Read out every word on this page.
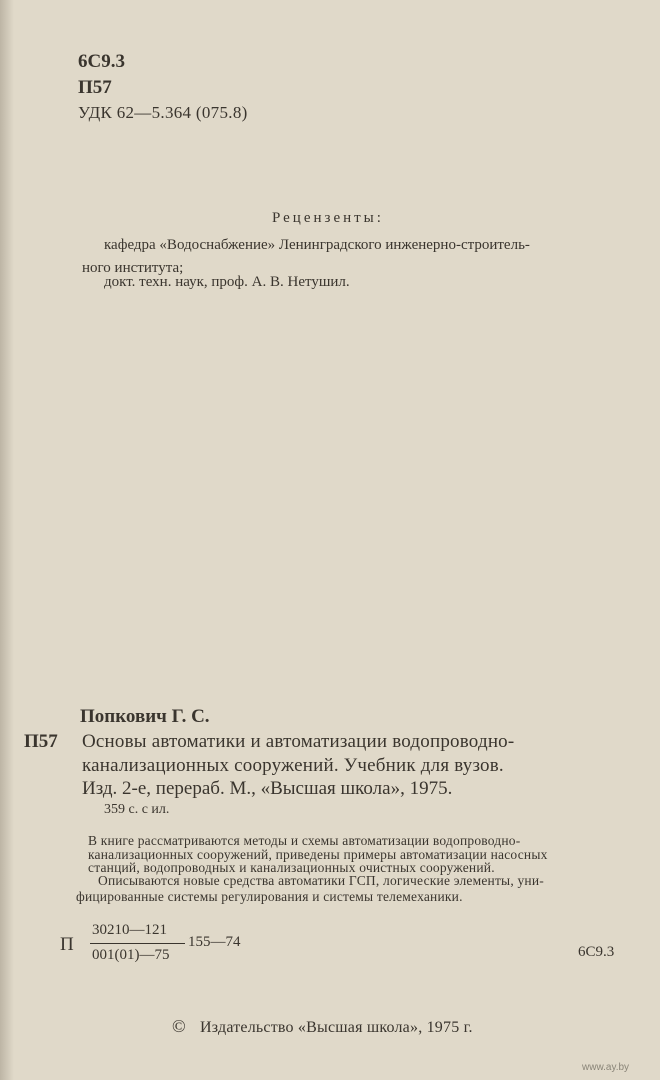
6С9.3
П57
УДК 62—5.364 (075.8)
Рецензенты:
кафедра «Водоснабжение» Ленинградского инженерно-строитель-
ного института;
докт. техн. наук, проф. А. В. Нетушил.
Попкович Г. С.
П57 Основы автоматики и автоматизации водопроводно-
канализационных сооружений. Учебник для вузов.
Изд. 2-е, перераб. М., «Высшая школа», 1975.
359 с. с ил.
В книге рассматриваются методы и схемы автоматизации водопроводно-
канализационных сооружений, приведены примеры автоматизации насосных
станций, водопроводных и канализационных очистных сооружений.
Описываются новые средства автоматики ГСП, логические элементы, уни-
фицированные системы регулирования и системы телемеханики.
П
30210—121
001(01)—75
155—74
6С9.3
© Издательство «Высшая школа», 1975 г.
www.ay.by
